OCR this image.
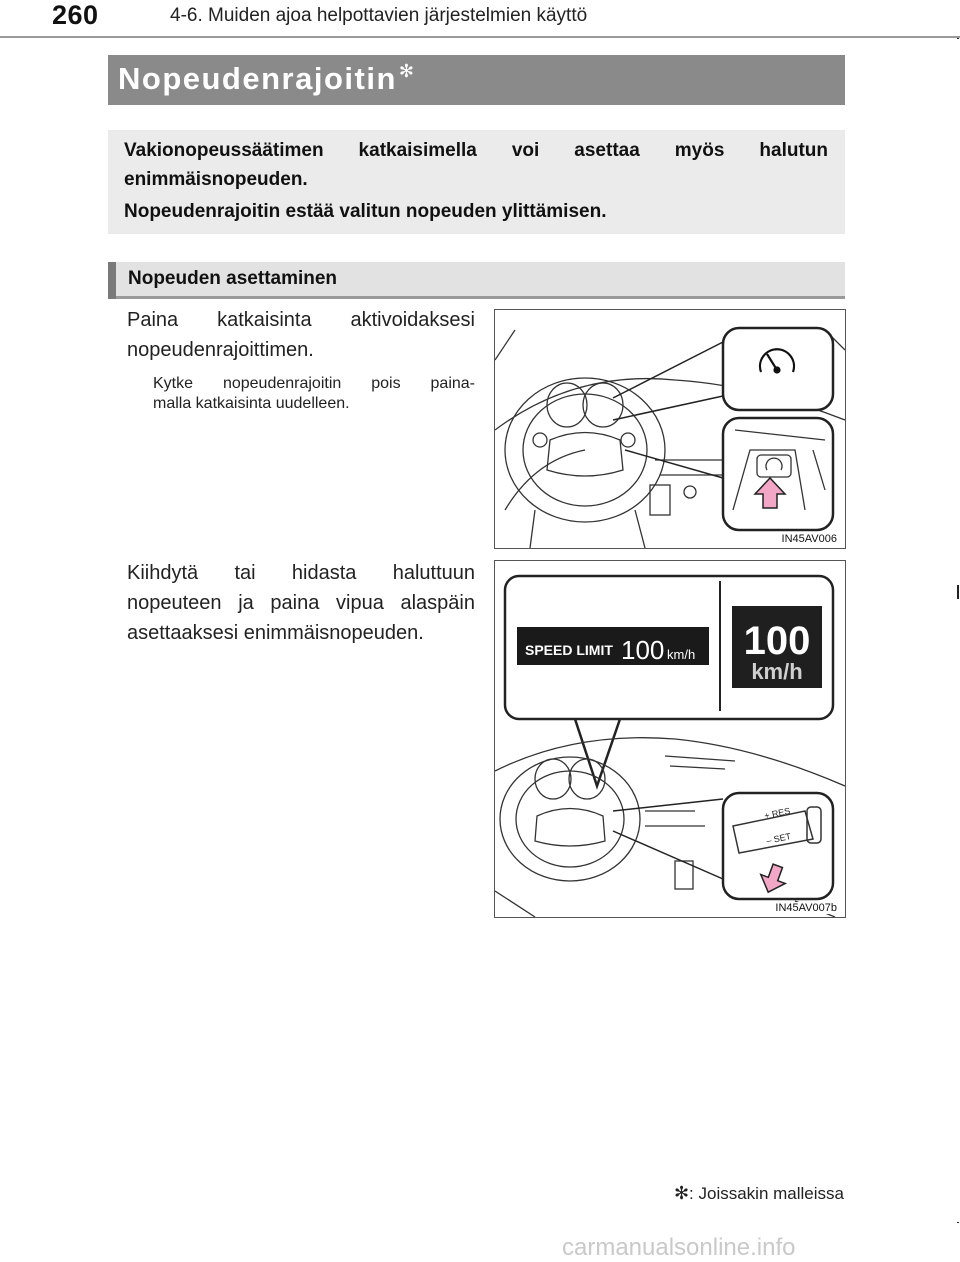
260	4-6. Muiden ajoa helpottavien järjestelmien käyttö
Nopeudenrajoitin ✻
Vakionopeussäätimen katkaisimella voi asettaa myös halutun
enimmäisnopeuden.
Nopeudenrajoitin estää valitun nopeuden ylittämisen.
Nopeuden asettaminen
Paina katkaisinta aktivoidaksesi
nopeudenrajoittimen.
Kytke nopeudenrajoitin pois paina-
malla katkaisinta uudelleen.
Kiihdytä tai hidasta haluttuun
nopeuteen ja paina vipua alaspäin
asettaaksesi enimmäisnopeuden.
IN45AV006
SPEED LIMIT 100 km/h 100
km/h
+ RES
– SET
IN45AV007b
✻: Joissakin malleissa
carmanualsonline.info
